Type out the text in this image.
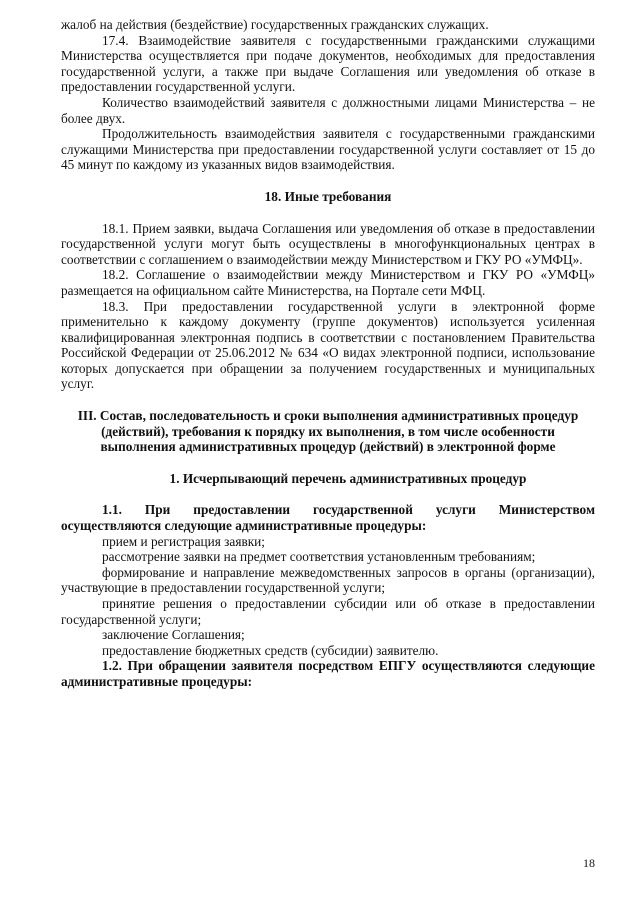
жалоб на действия (бездействие) государственных гражданских служащих.

17.4. Взаимодействие заявителя с государственными гражданскими служащими Министерства осуществляется при подаче документов, необходимых для предоставления государственной услуги, а также при выдаче Соглашения или уведомления об отказе в предоставлении государственной услуги.

Количество взаимодействий заявителя с должностными лицами Министерства – не более двух.

Продолжительность взаимодействия заявителя с государственными гражданскими служащими Министерства при предоставлении государственной услуги составляет от 15 до 45 минут по каждому из указанных видов взаимодействия.

18. Иные требования

18.1. Прием заявки, выдача Соглашения или уведомления об отказе в предоставлении государственной услуги могут быть осуществлены в многофункциональных центрах в соответствии с соглашением о взаимодействии между Министерством и ГКУ РО «УМФЦ».

18.2. Соглашение о взаимодействии между Министерством и ГКУ РО «УМФЦ» размещается на официальном сайте Министерства, на Портале сети МФЦ.

18.3. При предоставлении государственной услуги в электронной форме применительно к каждому документу (группе документов) используется усиленная квалифицированная электронная подпись в соответствии с постановлением Правительства Российской Федерации от 25.06.2012 № 634 «О видах электронной подписи, использование которых допускается при обращении за получением государственных и муниципальных услуг.

III. Состав, последовательность и сроки выполнения административных процедур (действий), требования к порядку их выполнения, в том числе особенности выполнения административных процедур (действий) в электронной форме

1. Исчерпывающий перечень административных процедур

1.1. При предоставлении государственной услуги Министерством осуществляются следующие административные процедуры:

прием и регистрация заявки;

рассмотрение заявки на предмет соответствия установленным требованиям;

формирование и направление межведомственных запросов в органы (организации), участвующие в предоставлении государственной услуги;

принятие решения о предоставлении субсидии или об отказе в предоставлении государственной услуги;

заключение Соглашения;

предоставление бюджетных средств (субсидии) заявителю.

1.2. При обращении заявителя посредством ЕПГУ осуществляются следующие административные процедуры:

18
